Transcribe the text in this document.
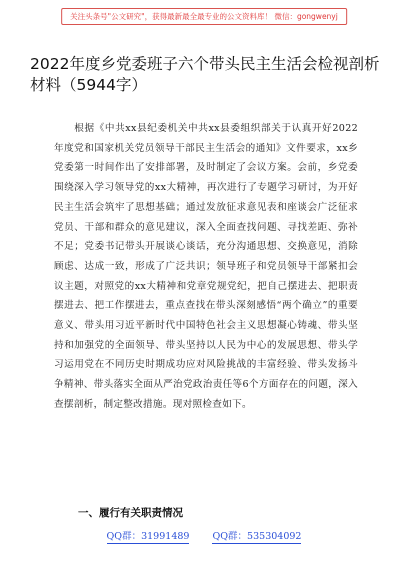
关注头条号"公文研究"，获得最新最全最专业的公文资料库！ 微信：gongwenyj
2022年度乡党委班子六个带头民主生活会检视剖析材料（5944字）
根据《中共xx县纪委机关中共xx县委组织部关于认真开好2022年度党和国家机关党员领导干部民主生活会的通知》文件要求，xx乡党委第一时间作出了安排部署，及时制定了会议方案。会前，乡党委围绕深入学习领导党的xx大精神，再次进行了专题学习研讨，为开好民主生活会筑牢了思想基础；通过发放征求意见表和座谈会广泛征求党员、干部和群众的意见建议，深入全面查找问题、寻找差距、弥补不足；党委书记带头开展谈心谈话，充分沟通思想、交换意见，消除顾虑、达成一致，形成了广泛共识；领导班子和党员领导干部紧扣会议主题，对照党的xx大精神和党章党规党纪，把自己摆进去、把职责摆进去、把工作摆进去，重点查找在带头深刻感悟“两个确立”的重要意义、带头用习近平新时代中国特色社会主义思想凝心铸魂、带头坚持和加强党的全面领导、带头坚持以人民为中心的发展思想、带头学习运用党在不同历史时期成功应对风险挑战的丰富经验、带头发扬斗争精神、带头落实全面从严治党政治责任等6个方面存在的问题，深入查摆剖析，制定整改措施。现对照检查如下。
一、履行有关职责情况
QQ群：31991489 QQ群：535304092
